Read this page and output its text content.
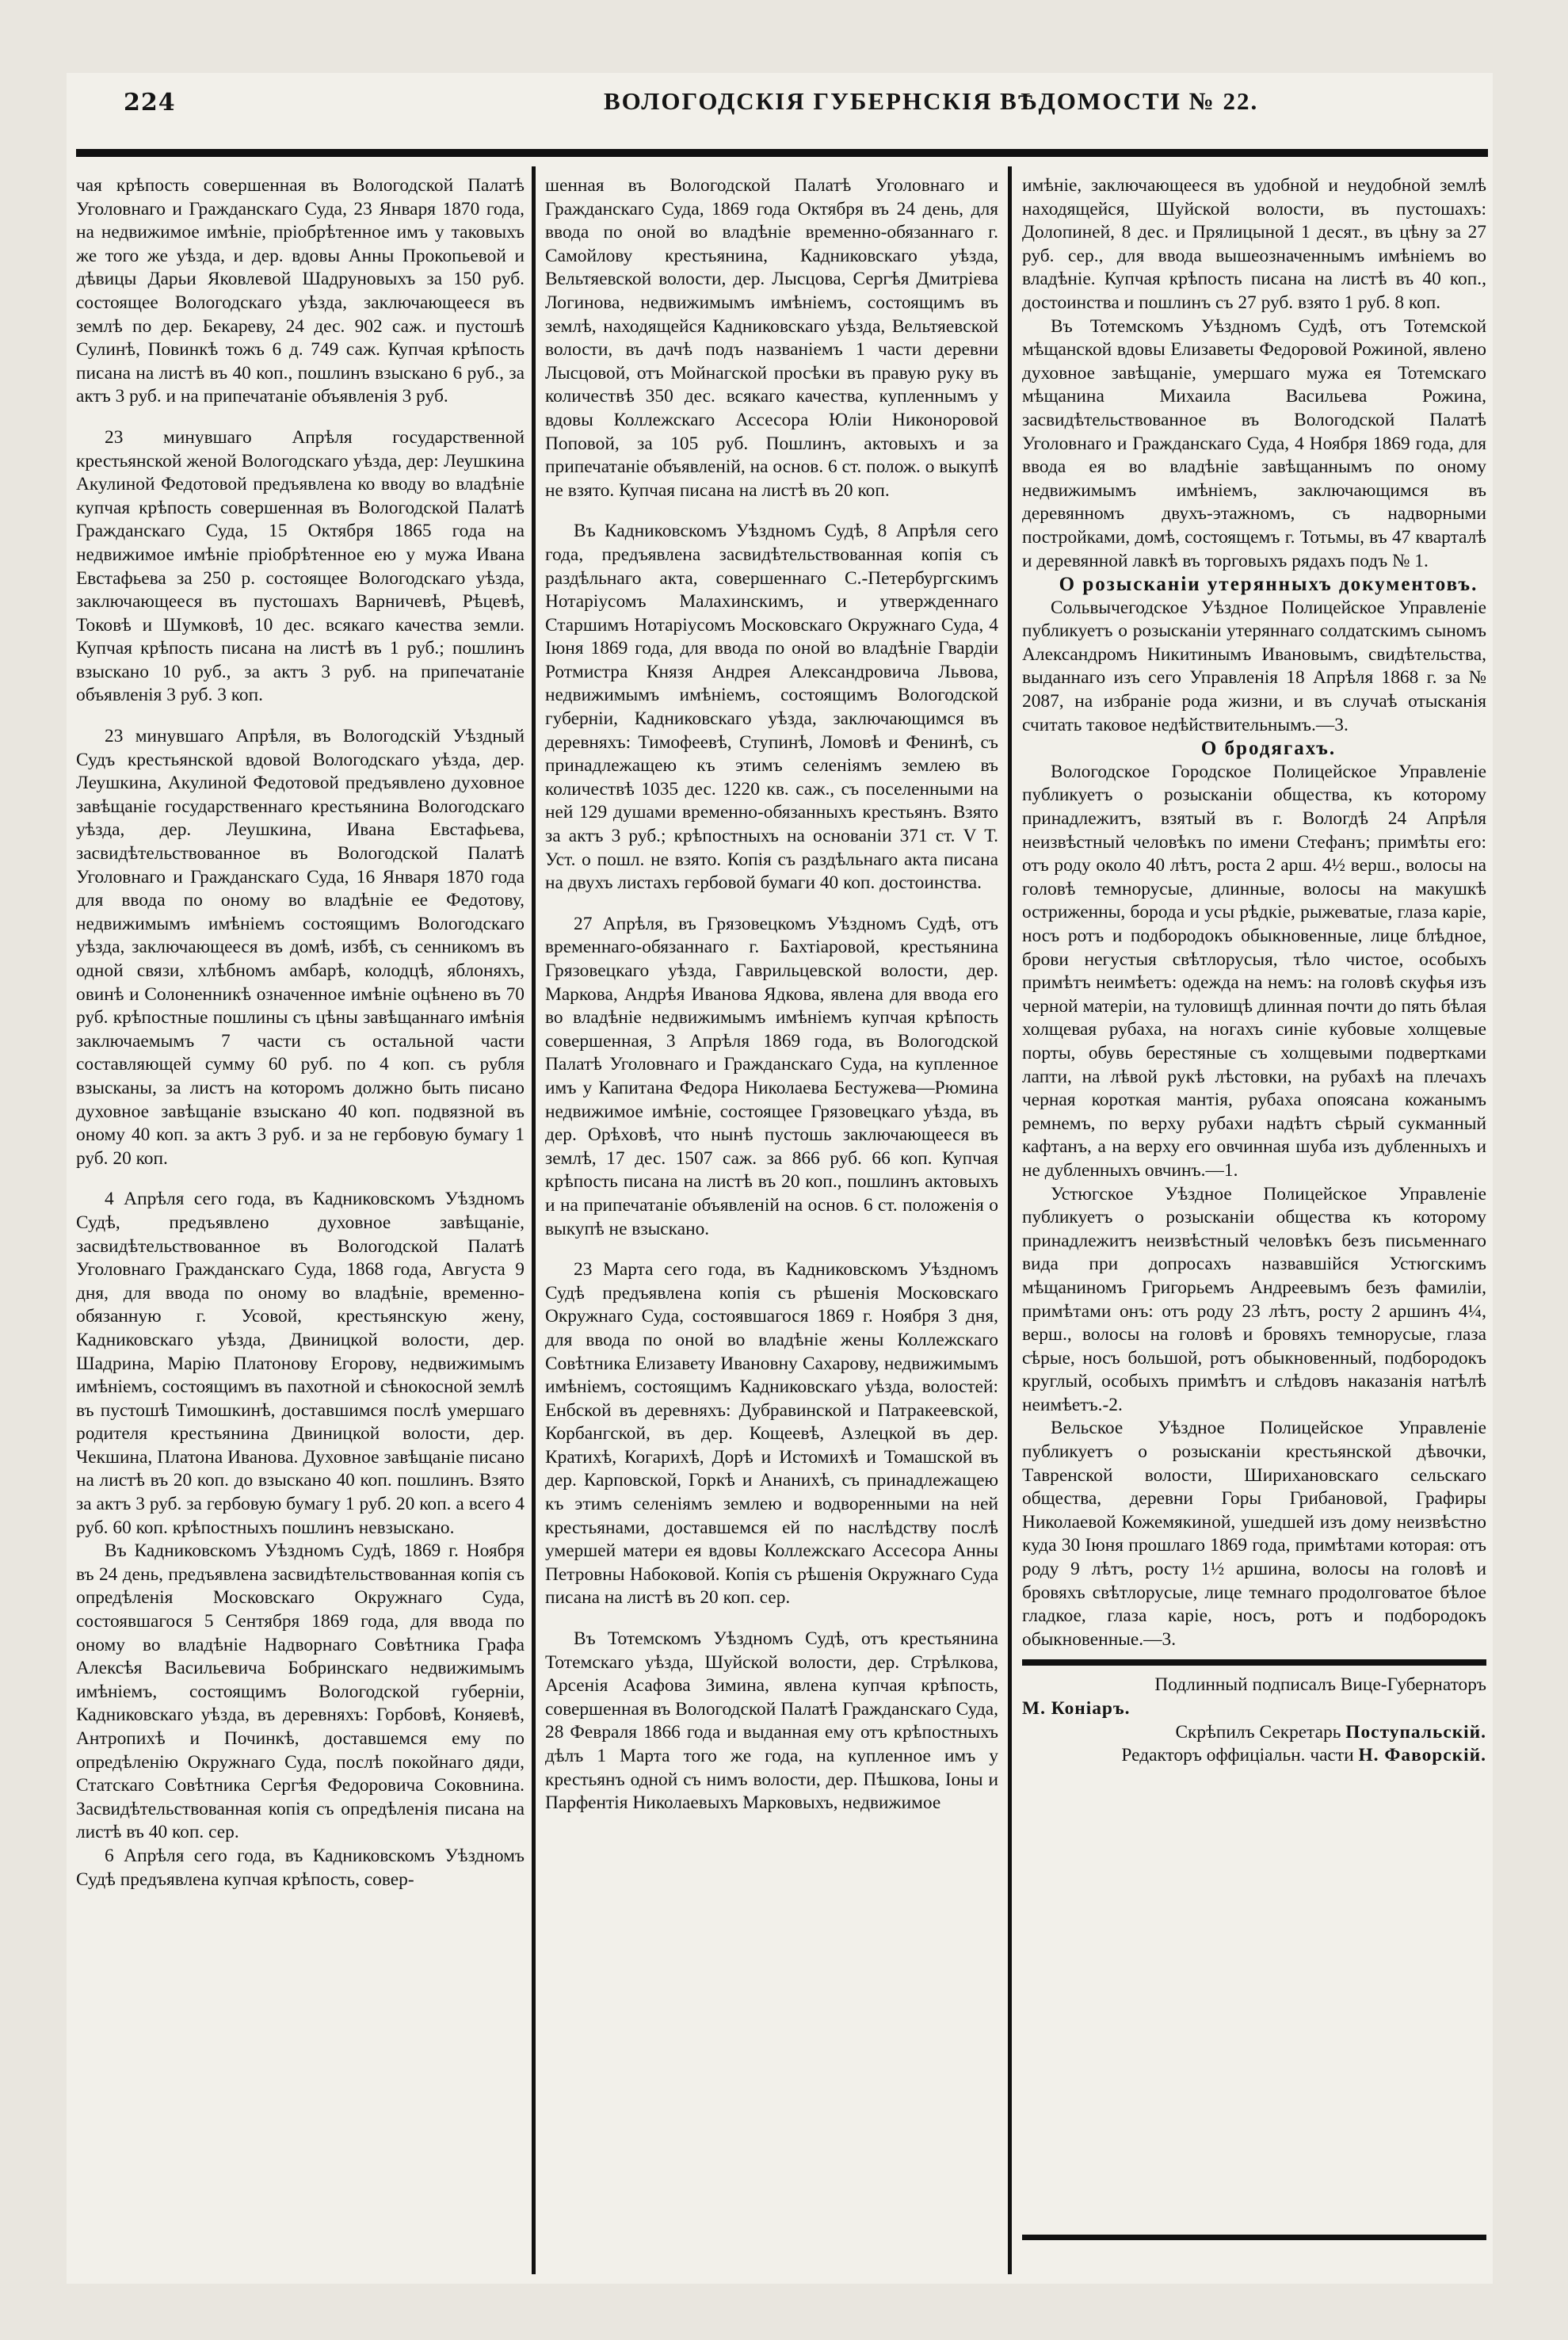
224	ВОЛОГОДСКІЯ ГУБЕРНСКІЯ ВѢДОМОСТИ № 22.

чая крѣпость совершенная въ Вологодской Палатѣ Уголовнаго и Гражданскаго Суда, 23 Января 1870 года, на недвижимое имѣніе, пріобрѣтенное имъ у таковыхъ же того же уѣзда, и дер. вдовы Анны Прокопьевой и дѣвицы Дарьи Яковлевой Шадруновыхъ за 150 руб. состоящее Вологодскаго уѣзда, заключающееся въ землѣ по дер. Бекареву, 24 дес. 902 саж. и пустошѣ Сулинѣ, Повинкѣ тожъ 6 д. 749 саж. Купчая крѣпость писана на листѣ въ 40 коп., пошлинъ взыскано 6 руб., за актъ 3 руб. и на припечатаніе объявленія 3 руб.

23 минувшаго Апрѣля государственной крестьянской женой Вологодскаго уѣзда, дер: Леушкина Акулиной Федотовой предъявлена ко вводу во владѣніе купчая крѣпость совершенная въ Вологодской Палатѣ Гражданскаго Суда, 15 Октября 1865 года на недвижимое имѣніе пріобрѣтенное ею у мужа Ивана Евстафьева за 250 р. состоящее Вологодскаго уѣзда, заключающееся въ пустошахъ Варничевѣ, Рѣцевѣ, Токовѣ и Шумковѣ, 10 дес. всякаго качества земли. Купчая крѣпость писана на листѣ въ 1 руб.; пошлинъ взыскано 10 руб., за актъ 3 руб. на припечатаніе объявленія 3 руб. 3 коп.

23 минувшаго Апрѣля, въ Вологодскій Уѣздный Судъ крестьянской вдовой Вологодскаго уѣзда, дер. Леушкина, Акулиной Федотовой предъявлено духовное завѣщаніе государственнаго крестьянина Вологодскаго уѣзда, дер. Леушкина, Ивана Евстафьева, засвидѣтельствованное въ Вологодской Палатѣ Уголовнаго и Гражданскаго Суда, 16 Января 1870 года для ввода по оному во владѣніе ее Федотову, недвижимымъ имѣніемъ состоящимъ Вологодскаго уѣзда, заключающееся въ домѣ, избѣ, съ сенникомъ въ одной связи, хлѣбномъ амбарѣ, колодцѣ, яблоняхъ, овинѣ и Солоненникѣ означенное имѣніе оцѣнено въ 70 руб. крѣпостные пошлины съ цѣны завѣщаннаго имѣнія заключаемымъ 7 части съ остальной части составляющей сумму 60 руб. по 4 коп. съ рубля взысканы, за листъ на которомъ должно быть писано духовное завѣщаніе взыскано 40 коп. подвязной въ оному 40 коп. за актъ 3 руб. и за не гербовую бумагу 1 руб. 20 коп.

4 Апрѣля сего года, въ Кадниковскомъ Уѣздномъ Судѣ, предъявлено духовное завѣщаніе, засвидѣтельствованное въ Вологодской Палатѣ Уголовнаго Гражданскаго Суда, 1868 года, Августа 9 дня, для ввода по оному во владѣніе, временно-обязанную г. Усовой, крестьянскую жену, Кадниковскаго уѣзда, Двиницкой волости, дер. Шадрина, Марію Платонову Егорову, недвижимымъ имѣніемъ, состоящимъ въ пахотной и сѣнокосной землѣ въ пустошѣ Тимошкинѣ, доставшимся послѣ умершаго родителя крестьянина Двиницкой волости, дер. Чекшина, Платона Иванова. Духовное завѣщаніе писано на листѣ въ 20 коп. до взыскано 40 коп. пошлинъ. Взято за актъ 3 руб. за гербовую бумагу 1 руб. 20 коп. а всего 4 руб. 60 коп. крѣпостныхъ пошлинъ невзыскано.

Въ Кадниковскомъ Уѣздномъ Судѣ, 1869 г. Ноября въ 24 день, предъявлена засвидѣтельствованная копія съ опредѣленія Московскаго Окружнаго Суда, состоявшагося 5 Сентября 1869 года, для ввода по оному во владѣніе Надворнаго Совѣтника Графа Алексѣя Васильевича Бобринскаго недвижимымъ имѣніемъ, состоящимъ Вологодской губерніи, Кадниковскаго уѣзда, въ деревняхъ: Горбовѣ, Коняевѣ, Антропихѣ и Починкѣ, доставшемся ему по опредѣленію Окружнаго Суда, послѣ покойнаго дяди, Статскаго Совѣтника Сергѣя Федоровича Соковнина. Засвидѣтельствованная копія съ опредѣленія писана на листѣ въ 40 коп. сер.

6 Апрѣля сего года, въ Кадниковскомъ Уѣздномъ Судѣ предъявлена купчая крѣпость, совер-

шенная въ Вологодской Палатѣ Уголовнаго и Гражданскаго Суда, 1869 года Октября въ 24 день, для ввода по оной во владѣніе временно-обязаннаго г. Самойлову крестьянина, Кадниковскаго уѣзда, Вельтяевской волости, дер. Лысцова, Сергѣя Дмитріева Логинова, недвижимымъ имѣніемъ, состоящимъ въ землѣ, находящейся Кадниковскаго уѣзда, Вельтяевской волости, въ дачѣ подъ названіемъ 1 части деревни Лысцовой, отъ Мойнагской просѣки въ правую руку въ количествѣ 350 дес. всякаго качества, купленнымъ у вдовы Коллежскаго Ассесора Юліи Никоноровой Поповой, за 105 руб. Пошлинъ, актовыхъ и за припечатаніе объявленій, на основ. 6 ст. полож. о выкупѣ не взято. Купчая писана на листѣ въ 20 коп.

Въ Кадниковскомъ Уѣздномъ Судѣ, 8 Апрѣля сего года, предъявлена засвидѣтельствованная копія съ раздѣльнаго акта, совершеннаго С.-Петербургскимъ Нотаріусомъ Малахинскимъ, и утвержденнаго Старшимъ Нотаріусомъ Московскаго Окружнаго Суда, 4 Іюня 1869 года, для ввода по оной во владѣніе Гвардіи Ротмистра Князя Андрея Александровича Львова, недвижимымъ имѣніемъ, состоящимъ Вологодской губерніи, Кадниковскаго уѣзда, заключающимся въ деревняхъ: Тимофеевѣ, Ступинѣ, Ломовѣ и Фенинѣ, съ принадлежащею къ этимъ селеніямъ землею въ количествѣ 1035 дес. 1220 кв. саж., съ поселенными на ней 129 душами временно-обязанныхъ крестьянъ. Взято за актъ 3 руб.; крѣпостныхъ на основаніи 371 ст. V Т. Уст. о пошл. не взято. Копія съ раздѣльнаго акта писана на двухъ листахъ гербовой бумаги 40 коп. достоинства.

27 Апрѣля, въ Грязовецкомъ Уѣздномъ Судѣ, отъ временнаго-обязаннаго г. Бахтіаровой, крестьянина Грязовецкаго уѣзда, Гаврильцевской волости, дер. Маркова, Андрѣя Иванова Ядкова, явлена для ввода его во владѣніе недвижимымъ имѣніемъ купчая крѣпость совершенная, 3 Апрѣля 1869 года, въ Вологодской Палатѣ Уголовнаго и Гражданскаго Суда, на купленное имъ у Капитана Федора Николаева Бестужева—Рюмина недвижимое имѣніе, состоящее Грязовецкаго уѣзда, въ дер. Орѣховѣ, что нынѣ пустошь заключающееся въ землѣ, 17 дес. 1507 саж. за 866 руб. 66 коп. Купчая крѣпость писана на листѣ въ 20 коп., пошлинъ актовыхъ и на припечатаніе объявленій на основ. 6 ст. положенія о выкупѣ не взыскано.

23 Марта сего года, въ Кадниковскомъ Уѣздномъ Судѣ предъявлена копія съ рѣшенія Московскаго Окружнаго Суда, состоявшагося 1869 г. Ноября 3 дня, для ввода по оной во владѣніе жены Коллежскаго Совѣтника Елизавету Ивановну Сахарову, недвижимымъ имѣніемъ, состоящимъ Кадниковскаго уѣзда, волостей: Енбской въ деревняхъ: Дубравинской и Патракеевской, Корбангской, въ дер. Кощеевѣ, Азлецкой въ дер. Кратихѣ, Когарихѣ, Дорѣ и Истомихѣ и Томашской въ дер. Карповской, Горкѣ и Ананихѣ, съ принадлежащею къ этимъ селеніямъ землею и водворенными на ней крестьянами, доставшемся ей по наслѣдству послѣ умершей матери ея вдовы Коллежскаго Ассесора Анны Петровны Набоковой. Копія съ рѣшенія Окружнаго Суда писана на листѣ въ 20 коп. сер.

Въ Тотемскомъ Уѣздномъ Судѣ, отъ крестьянина Тотемскаго уѣзда, Шуйской волости, дер. Стрѣлкова, Арсенія Асафова Зимина, явлена купчая крѣпость, совершенная въ Вологодской Палатѣ Гражданскаго Суда, 28 Февраля 1866 года и выданная ему отъ крѣпостныхъ дѣлъ 1 Марта того же года, на купленное имъ у крестьянъ одной съ нимъ волости, дер. Пѣшкова, Іоны и Парфентія Николаевыхъ Марковыхъ, недвижимое

имѣніе, заключающееся въ удобной и неудобной землѣ находящейся, Шуйской волости, въ пустошахъ: Долопиней, 8 дес. и Прялицыной 1 десят., въ цѣну за 27 руб. сер., для ввода вышеозначеннымъ имѣніемъ во владѣніе. Купчая крѣпость писана на листѣ въ 40 коп., достоинства и пошлинъ съ 27 руб. взято 1 руб. 8 коп.

Въ Тотемскомъ Уѣздномъ Судѣ, отъ Тотемской мѣщанской вдовы Елизаветы Федоровой Рожиной, явлено духовное завѣщаніе, умершаго мужа ея Тотемскаго мѣщанина Михаила Васильева Рожина, засвидѣтельствованное въ Вологодской Палатѣ Уголовнаго и Гражданскаго Суда, 4 Ноября 1869 года, для ввода ея во владѣніе завѣщаннымъ по оному недвижимымъ имѣніемъ, заключающимся въ деревянномъ двухъ-этажномъ, съ надворными постройками, домѣ, состоящемъ г. Тотьмы, въ 47 кварталѣ и деревянной лавкѣ въ торговыхъ рядахъ подъ № 1.

О розысканіи утерянныхъ документовъ.

Сольвычегодское Уѣздное Полицейское Управленіе публикуетъ о розысканіи утеряннаго солдатскимъ сыномъ Александромъ Никитинымъ Ивановымъ, свидѣтельства, выданнаго изъ сего Управленія 18 Апрѣля 1868 г. за № 2087, на избраніе рода жизни, и въ случаѣ отысканія считать таковое недѣйствительнымъ.—3.

О бродягахъ.

Вологодское Городское Полицейское Управленіе публикуетъ о розысканіи общества, къ которому принадлежитъ, взятый въ г. Вологдѣ 24 Апрѣля неизвѣстный человѣкъ по имени Стефанъ; примѣты его: отъ роду около 40 лѣтъ, роста 2 арш. 4½ верш., волосы на головѣ темнорусые, длинные, волосы на макушкѣ остриженны, борода и усы рѣдкіе, рыжеватые, глаза каріе, носъ ротъ и подбородокъ обыкновенные, лице блѣдное, брови негустыя свѣтлорусыя, тѣло чистое, особыхъ примѣтъ неимѣетъ: одежда на немъ: на головѣ скуфья изъ черной матеріи, на туловищѣ длинная почти до пять бѣлая холщевая рубаха, на ногахъ синіе кубовые холщевые порты, обувь берестяные съ холщевыми подвертками лапти, на лѣвой рукѣ лѣстовки, на рубахѣ на плечахъ черная короткая мантія, рубаха опоясана кожанымъ ремнемъ, по верху рубахи надѣтъ сѣрый сукманный кафтанъ, а на верху его овчинная шуба изъ дубленныхъ и не дубленныхъ овчинъ.—1.

Устюгское Уѣздное Полицейское Управленіе публикуетъ о розысканіи общества къ которому принадлежитъ неизвѣстный человѣкъ безъ письменнаго вида при допросахъ назвавшійся Устюгскимъ мѣщаниномъ Григорьемъ Андреевымъ безъ фамиліи, примѣтами онъ: отъ роду 23 лѣтъ, росту 2 аршинъ 4¼, верш., волосы на головѣ и бровяхъ темнорусые, глаза сѣрые, носъ большой, ротъ обыкновенный, подбородокъ круглый, особыхъ примѣтъ и слѣдовъ наказанія натѣлѣ неимѣетъ.-2.

Вельское Уѣздное Полицейское Управленіе публикуетъ о розысканіи крестьянской дѣвочки, Тавренской волости, Ширихановскаго сельскаго общества, деревни Горы Грибановой, Графиры Николаевой Кожемякиной, ушедшей изъ дому неизвѣстно куда 30 Іюня прошлаго 1869 года, примѣтами которая: отъ роду 9 лѣтъ, росту 1½ аршина, волосы на головѣ и бровяхъ свѣтлорусые, лице темнаго продолговатое бѣлое гладкое, глаза каріе, носъ, ротъ и подбородокъ обыкновенные.—3.

Подлинный подписалъ Вице-Губернаторъ
М. Коніаръ.

Скрѣпилъ Секретарь Поступальскій.

Редакторъ оффиціальн. части Н. Фаворскій.
